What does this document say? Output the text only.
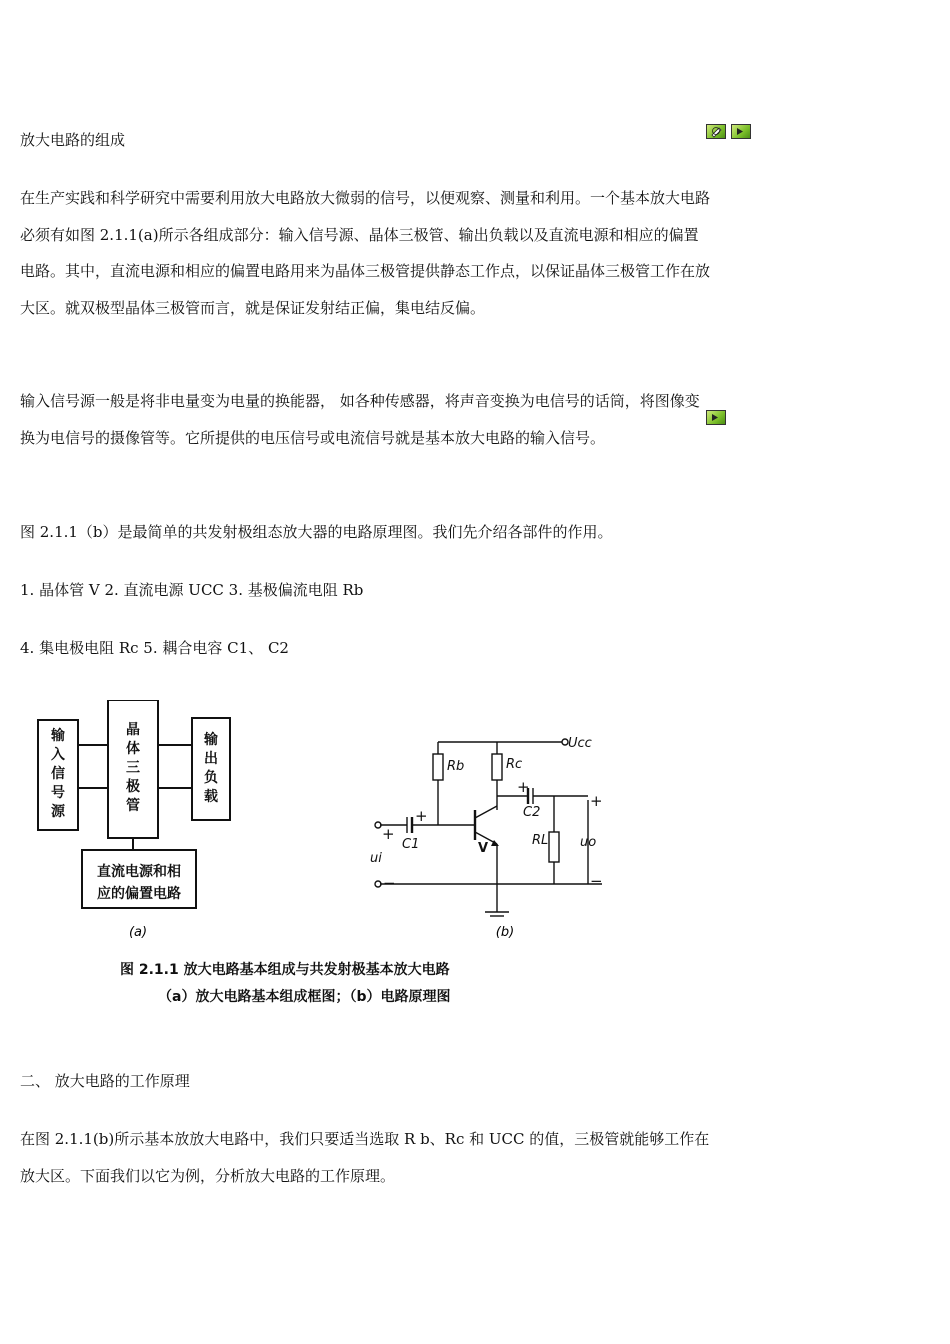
放大电路的组成

在生产实践和科学研究中需要利用放大电路放大微弱的信号，以便观察、测量和利用。一个基本放大电路必须有如图 2.1.1(a)所示各组成部分：输入信号源、晶体三极管、输出负载以及直流电源和相应的偏置电路。其中，直流电源和相应的偏置电路用来为晶体三极管提供静态工作点，以保证晶体三极管工作在放大区。就双极型晶体三极管而言，就是保证发射结正偏，集电结反偏。

输入信号源一般是将非电量变为电量的换能器， 如各种传感器，将声音变换为电信号的话筒，将图像变换为电信号的摄像管等。它所提供的电压信号或电流信号就是基本放大电路的输入信号。

图 2.1.1（b）是最简单的共发射极组态放大器的电路原理图。我们先介绍各部件的作用。

1. 晶体管 V 2. 直流电源 UCC 3. 基极偏流电阻 Rb

4. 集电极电阻 Rc 5. 耦合电容 C1、 C2

输
入
信
号
源
晶
体
三
极
管
输
出
负
载
直流电源和相
应的偏置电路
(a)
Ucc
Rb	Rc
C1
C2
RL
V
ui
uo
+
+
+
−
+
−
(b)
图 2.1.1 放大电路基本组成与共发射极基本放大电路
（a）放大电路基本组成框图；（b）电路原理图

二、 放大电路的工作原理

在图 2.1.1(b)所示基本放放大电路中，我们只要适当选取 R b、Rc 和 UCC 的值，三极管就能够工作在放大区。下面我们以它为例，分析放大电路的工作原理。
